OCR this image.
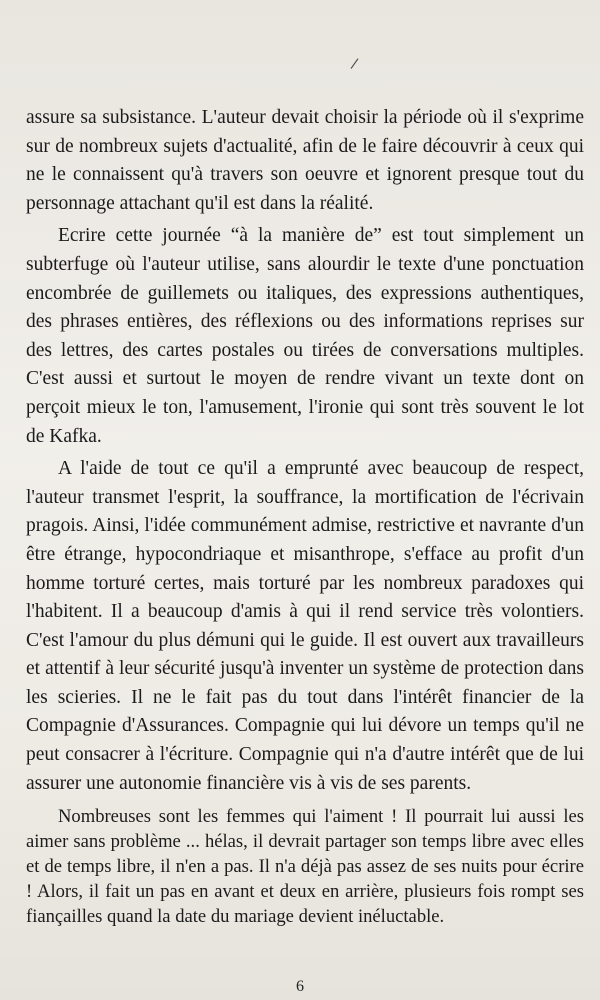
/

assure sa subsistance. L'auteur devait choisir la période où il s'exprime sur de nombreux sujets d'actualité, afin de le faire découvrir à ceux qui ne le connaissent qu'à travers son oeuvre et ignorent presque tout du personnage attachant qu'il est dans la réalité.

Ecrire cette journée “à la manière de” est tout simplement un subterfuge où l'auteur utilise, sans alourdir le texte d'une ponctuation encombrée de guillemets ou italiques, des expressions authentiques, des phrases entières, des réflexions ou des informations reprises sur des lettres, des cartes postales ou tirées de conversations multiples. C'est aussi et surtout le moyen de rendre vivant un texte dont on perçoit mieux le ton, l'amusement, l'ironie qui sont très souvent le lot de Kafka.

A l'aide de tout ce qu'il a emprunté avec beaucoup de respect, l'auteur transmet l'esprit, la souffrance, la mortification de l'écrivain pragois. Ainsi, l'idée communément admise, restrictive et navrante d'un être étrange, hypocondriaque et misanthrope, s'efface au profit d'un homme torturé certes, mais torturé par les nombreux paradoxes qui l'habitent. Il a beaucoup d'amis à qui il rend service très volontiers. C'est l'amour du plus démuni qui le guide. Il est ouvert aux travailleurs et attentif à leur sécurité jusqu'à inventer un système de protection dans les scieries. Il ne le fait pas du tout dans l'intérêt financier de la Compagnie d'Assurances. Compagnie qui lui dévore un temps qu'il ne peut consacrer à l'écriture. Compagnie qui n'a d'autre intérêt que de lui assurer une autonomie financière vis à vis de ses parents.

Nombreuses sont les femmes qui l'aiment ! Il pourrait lui aussi les aimer sans problème ... hélas, il devrait partager son temps libre avec elles et de temps libre, il n'en a pas. Il n'a déjà pas assez de ses nuits pour écrire ! Alors, il fait un pas en avant et deux en arrière, plusieurs fois rompt ses fiançailles quand la date du mariage devient inéluctable.

6
